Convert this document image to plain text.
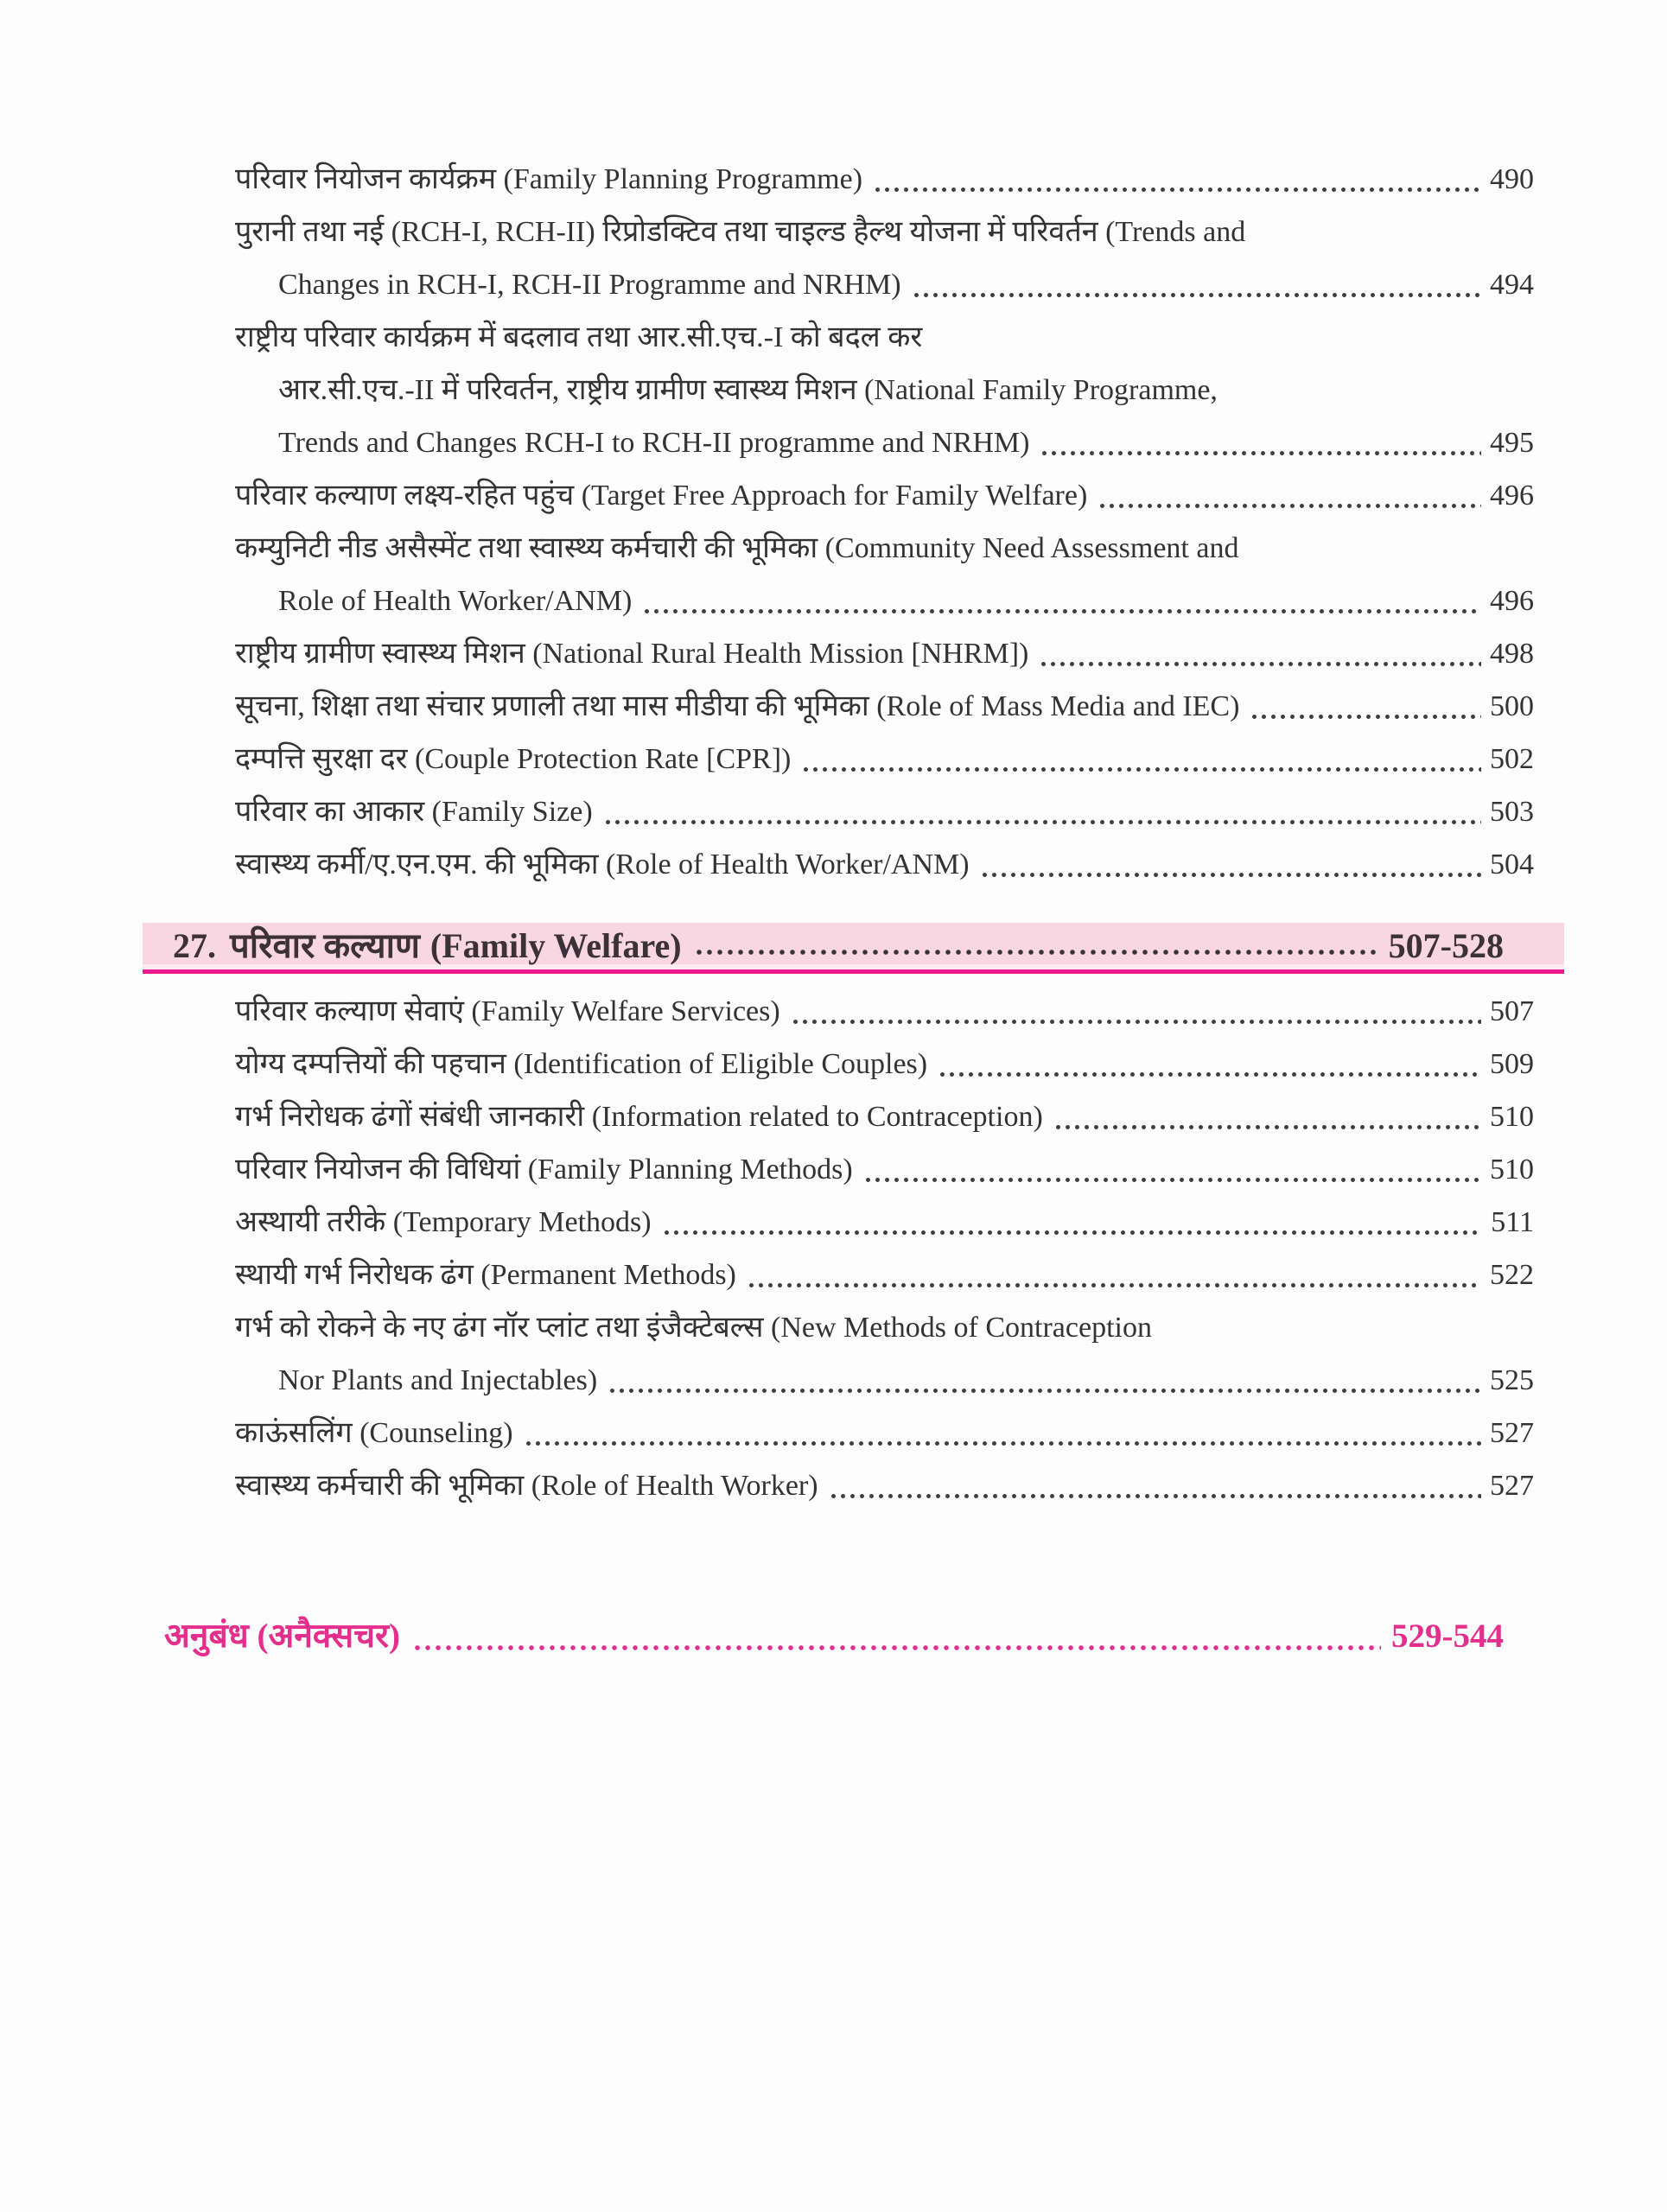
परिवार नियोजन कार्यक्रम (Family Planning Programme)	490
पुरानी तथा नई (RCH-I, RCH-II) रिप्रोडक्टिव तथा चाइल्ड हैल्थ योजना में परिवर्तन (Trends and
Changes in RCH-I, RCH-II Programme and NRHM)	494
राष्ट्रीय परिवार कार्यक्रम में बदलाव तथा आर.सी.एच.-I को बदल कर
आर.सी.एच.-II में परिवर्तन, राष्ट्रीय ग्रामीण स्वास्थ्य मिशन (National Family Programme,
Trends and Changes RCH-I to RCH-II programme and NRHM)	495
परिवार कल्याण लक्ष्य-रहित पहुंच (Target Free Approach for Family Welfare)	496
कम्युनिटी नीड असैस्मेंट तथा स्वास्थ्य कर्मचारी की भूमिका (Community Need Assessment and
Role of Health Worker/ANM)	496
राष्ट्रीय ग्रामीण स्वास्थ्य मिशन (National Rural Health Mission [NHRM])	498
सूचना, शिक्षा तथा संचार प्रणाली तथा मास मीडीया की भूमिका (Role of Mass Media and IEC)	500
दम्पत्ति सुरक्षा दर (Couple Protection Rate [CPR])	502
परिवार का आकार (Family Size)	503
स्वास्थ्य कर्मी/ए.एन.एम. की भूमिका (Role of Health Worker/ANM)	504
27. परिवार कल्याण (Family Welfare)	507-528
परिवार कल्याण सेवाएं (Family Welfare Services)	507
योग्य दम्पत्तियों की पहचान (Identification of Eligible Couples)	509
गर्भ निरोधक ढंगों संबंधी जानकारी (Information related to Contraception)	510
परिवार नियोजन की विधियां (Family Planning Methods)	510
अस्थायी तरीके (Temporary Methods)	511
स्थायी गर्भ निरोधक ढंग (Permanent Methods)	522
गर्भ को रोकने के नए ढंग नॉर प्लांट तथा इंजैक्टेबल्स (New Methods of Contraception
Nor Plants and Injectables)	525
काऊंसलिंग (Counseling)	527
स्वास्थ्य कर्मचारी की भूमिका (Role of Health Worker)	527
अनुबंध (अनैक्सचर)	529-544
